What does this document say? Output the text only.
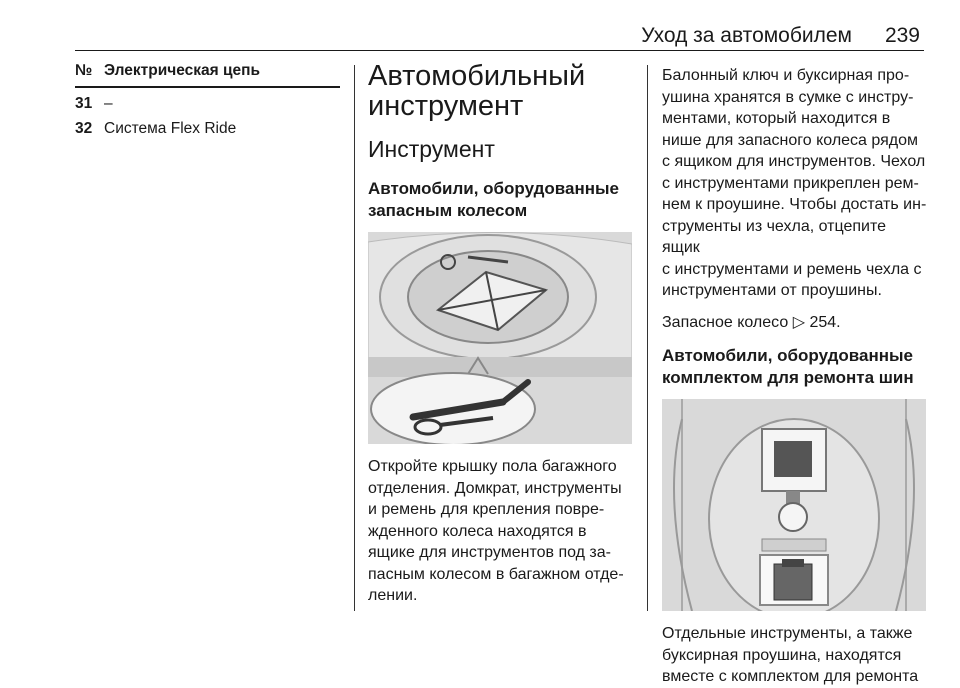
Уход за автомобилем 239
№ Электрическая цепь
31 –
32 Система Flex Ride
Автомобильный
инструмент
Инструмент
Автомобили, оборудованные
запасным колесом

Откройте крышку пола багажного
отделения. Домкрат, инструменты
и ремень для крепления повре-
жденного колеса находятся в
ящике для инструментов под за-
пасным колесом в багажном отде-
лении.

Балонный ключ и буксирная про-
ушина хранятся в сумке с инстру-
ментами, который находится в
нише для запасного колеса рядом
с ящиком для инструментов. Чехол
с инструментами прикреплен рем-
нем к проушине. Чтобы достать ин-
струменты из чехла, отцепите ящик
с инструментами и ремень чехла с
инструментами от проушины.

Запасное колесо ▷ 254.

Автомобили, оборудованные
комплектом для ремонта шин

Отдельные инструменты, а также
буксирная проушина, находятся
вместе с комплектом для ремонта
